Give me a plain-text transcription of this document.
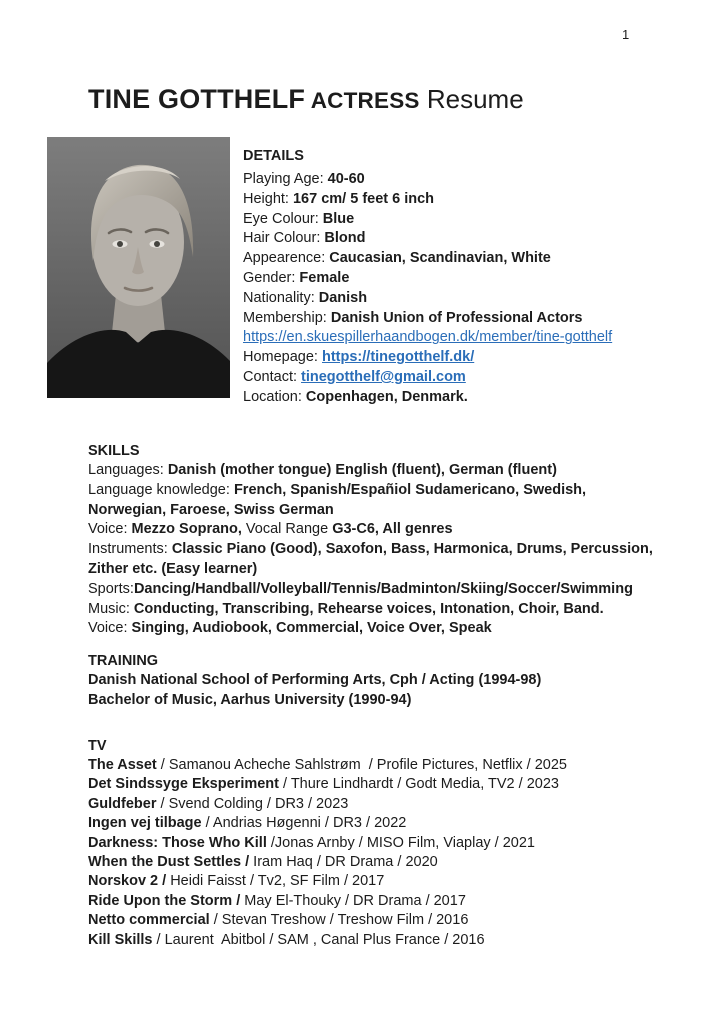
1
TINE GOTTHELF ACTRESS Resume
DETAILS
Playing Age: 40-60
Height: 167 cm/ 5 feet 6 inch
Eye Colour: Blue
Hair Colour: Blond
Appearence: Caucasian, Scandinavian, White
Gender: Female
Nationality: Danish
Membership: Danish Union of Professional Actors
https://en.skuespillerhaandbogen.dk/member/tine-gotthelf
Homepage: https://tinegotthelf.dk/
Contact: tinegotthelf@gmail.com
Location: Copenhagen, Denmark.
SKILLS
Languages: Danish (mother tongue) English (fluent), German (fluent)
Language knowledge: French, Spanish/Españiol Sudamericano, Swedish, Norwegian, Faroese, Swiss German
Voice: Mezzo Soprano, Vocal Range G3-C6, All genres
Instruments: Classic Piano (Good), Saxofon, Bass, Harmonica, Drums, Percussion, Zither etc. (Easy learner)
Sports:Dancing/Handball/Volleyball/Tennis/Badminton/Skiing/Soccer/Swimming
Music: Conducting, Transcribing, Rehearse voices, Intonation, Choir, Band.
Voice: Singing, Audiobook, Commercial, Voice Over, Speak
TRAINING
Danish National School of Performing Arts, Cph / Acting (1994-98)
Bachelor of Music, Aarhus University (1990-94)
TV
The Asset / Samanou Acheche Sahlstrøm  / Profile Pictures, Netflix / 2025
Det Sindssyge Eksperiment / Thure Lindhardt / Godt Media, TV2 / 2023
Guldfeber / Svend Colding / DR3 / 2023
Ingen vej tilbage / Andrias Høgenni / DR3 / 2022
Darkness: Those Who Kill /Jonas Arnby / MISO Film, Viaplay / 2021
When the Dust Settles / Iram Haq / DR Drama / 2020
Norskov 2 / Heidi Faisst / Tv2, SF Film / 2017
Ride Upon the Storm / May El-Thouky / DR Drama / 2017
Netto commercial / Stevan Treshow / Treshow Film / 2016
Kill Skills / Laurent  Abitbol / SAM , Canal Plus France / 2016
